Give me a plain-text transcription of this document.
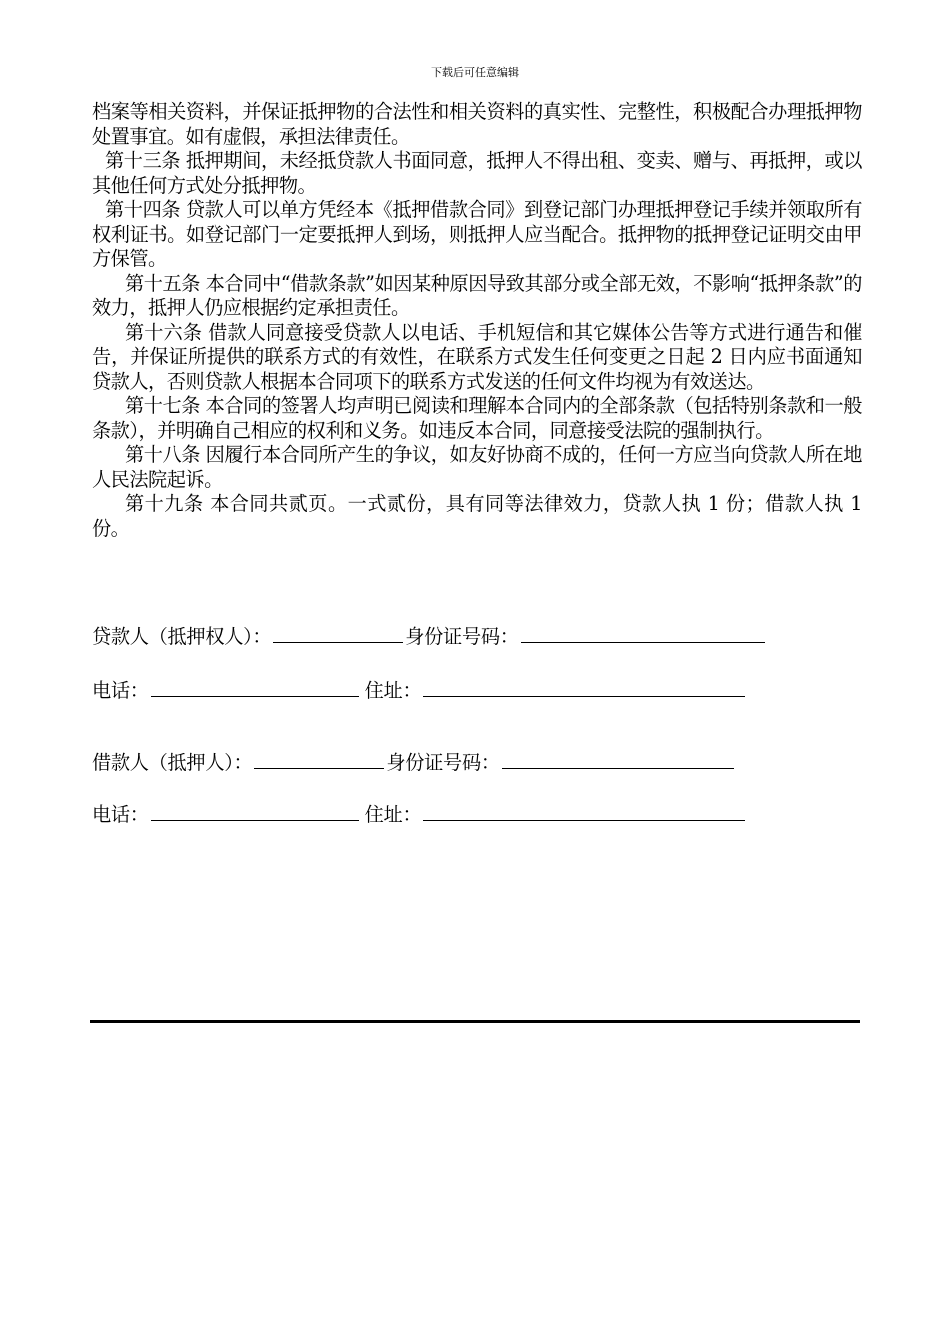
下载后可任意编辑

档案等相关资料，并保证抵押物的合法性和相关资料的真实性、完整性，积极配合办理抵押物处置事宜。如有虚假，承担法律责任。

第十三条 抵押期间，未经抵贷款人书面同意，抵押人不得出租、变卖、赠与、再抵押，或以其他任何方式处分抵押物。

第十四条 贷款人可以单方凭经本《抵押借款合同》到登记部门办理抵押登记手续并领取所有权利证书。如登记部门一定要抵押人到场，则抵押人应当配合。抵押物的抵押登记证明交由甲方保管。

第十五条 本合同中“借款条款”如因某种原因导致其部分或全部无效，不影响“抵押条款”的效力，抵押人仍应根据约定承担责任。

第十六条 借款人同意接受贷款人以电话、手机短信和其它媒体公告等方式进行通告和催告，并保证所提供的联系方式的有效性，在联系方式发生任何变更之日起 2 日内应书面通知贷款人，否则贷款人根据本合同项下的联系方式发送的任何文件均视为有效送达。

第十七条 本合同的签署人均声明已阅读和理解本合同内的全部条款（包括特别条款和一般条款），并明确自己相应的权利和义务。如违反本合同，同意接受法院的强制执行。

第十八条 因履行本合同所产生的争议，如友好协商不成的，任何一方应当向贷款人所在地人民法院起诉。

第十九条 本合同共贰页。一式贰份，具有同等法律效力，贷款人执 1 份；借款人执 1 份。

贷款人（抵押权人）：	身份证号码：
电话：	住址：
借款人（抵押人）：	身份证号码：
电话：	住址：
